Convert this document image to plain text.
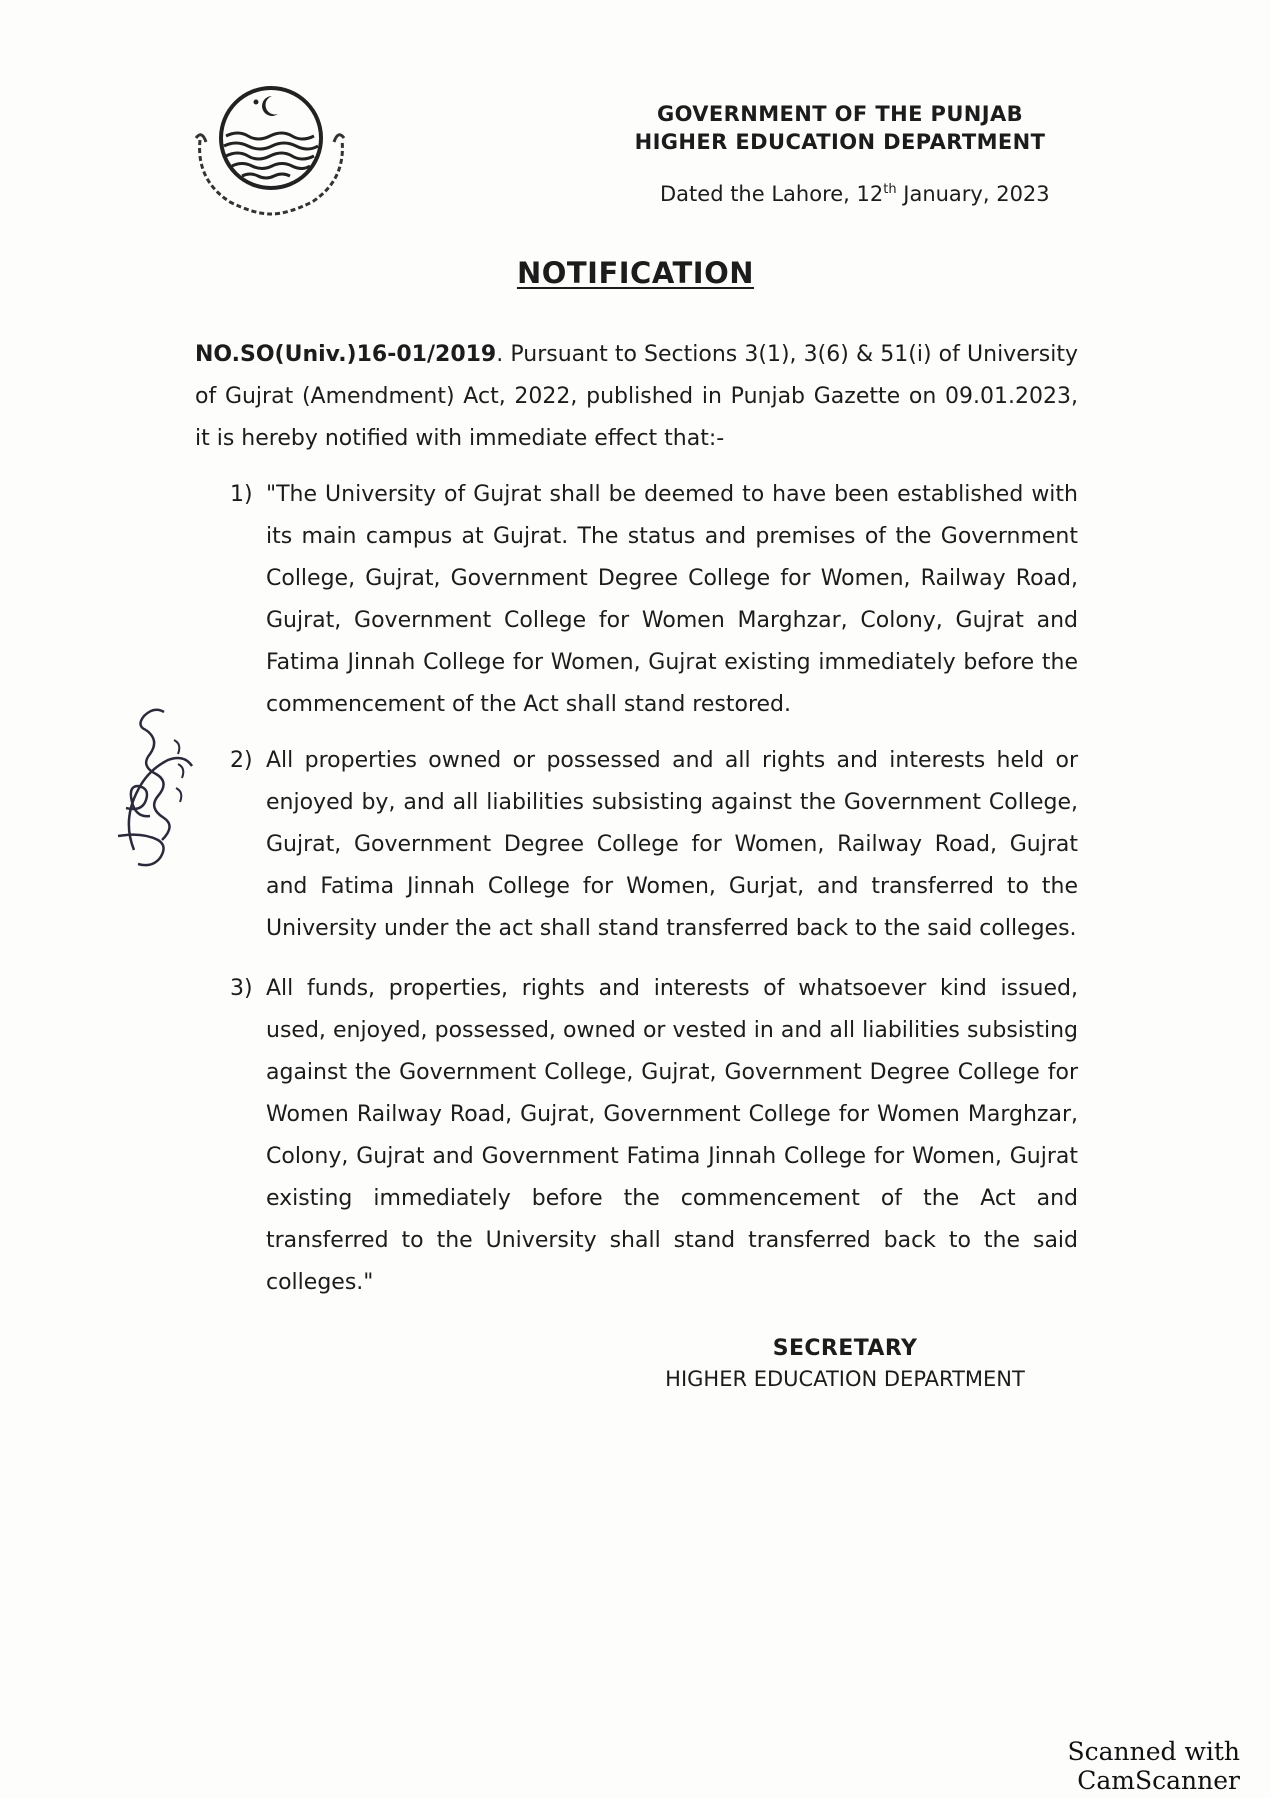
GOVERNMENT OF THE PUNJAB
HIGHER EDUCATION DEPARTMENT
Dated the Lahore, 12th January, 2023
NOTIFICATION
NO.SO(Univ.)16-01/2019. Pursuant to Sections 3(1), 3(6) & 51(i) of University of Gujrat (Amendment) Act, 2022, published in Punjab Gazette on 09.01.2023, it is hereby notified with immediate effect that:-
1) "The University of Gujrat shall be deemed to have been established with its main campus at Gujrat. The status and premises of the Government College, Gujrat, Government Degree College for Women, Railway Road, Gujrat, Government College for Women Marghzar, Colony, Gujrat and Fatima Jinnah College for Women, Gujrat existing immediately before the commencement of the Act shall stand restored.
2) All properties owned or possessed and all rights and interests held or enjoyed by, and all liabilities subsisting against the Government College, Gujrat, Government Degree College for Women, Railway Road, Gujrat and Fatima Jinnah College for Women, Gurjat, and transferred to the University under the act shall stand transferred back to the said colleges.
3) All funds, properties, rights and interests of whatsoever kind issued, used, enjoyed, possessed, owned or vested in and all liabilities subsisting against the Government College, Gujrat, Government Degree College for Women Railway Road, Gujrat, Government College for Women Marghzar, Colony, Gujrat and Government Fatima Jinnah College for Women, Gujrat existing immediately before the commencement of the Act and transferred to the University shall stand transferred back to the said colleges."
SECRETARY
HIGHER EDUCATION DEPARTMENT
Scanned with CamScanner
